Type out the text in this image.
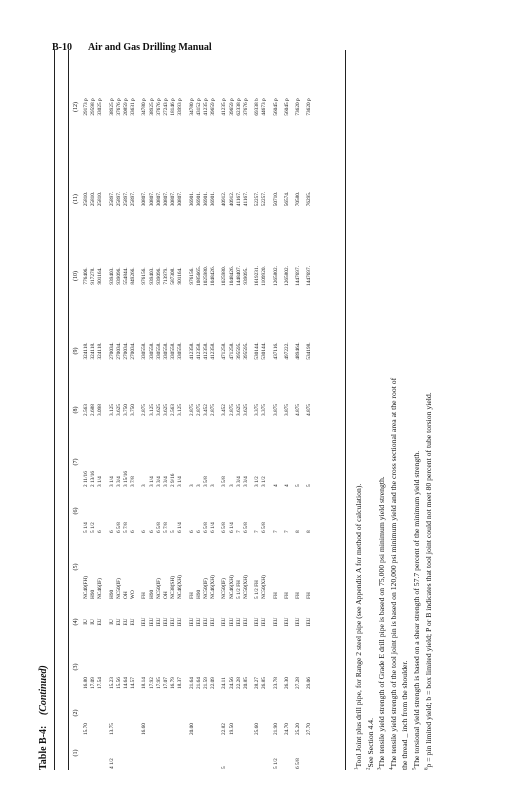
B-10 Air and Gas Drilling Manual
Table B-4: (Continued)
(1)	(2)	(3)	(4)	(5)	(6)	(7)	(8)	(9)	(10)	(11)	(12)
	15.70	16.80	IU	NC40(FH)	5 1/4	2 11/16	2.563	324118.	776406.	25810.	29173 p
		17.09	IU	H90	5 1/2	2 13/16	2.688	324118.	917278.	25810.	29598 p
		17.54	EU	NC46(IF)	6	3 1/4	3.098	324118.	901164.	25810.	33025 p
4 1/2	13.75	15.23	IU	H90	6	3 1/4	3.125	270034.	939403.	25897.	38925 p
		15.56	EU	NC50(IF)	6 5/8	3 3/4	3.625	270034.	939096.	25897.	37676 p
		14.64	EU	OH	5 7/8	3 15/16	3.750	270034.	554844.	25897.	20859 p
		14.57	EU	WO	6	3 7/8	3.750	270034.	849266.	25897.	33631 p
	16.60	18.14	IEU	FH	6	3	2.875	330558.	976156.	30807.	34780 p
		17.92	IEU	H90	6	3 1/4	3.125	330558.	939403.	30807.	38925 p
		17.95	IEU	NC50(IF)	6 5/8	3 3/4	3.625	330558.	939096.	30807.	37676 p
		17.07	IEU	OH	5 7/8	3 3/4	3.625	330558.	713979.	30807.	27243 p
		16.79	IEU	NC38(SH)	5	2 9/16	2.563	330558.	587308.	30807.	18146 p
		18.37	IEU	NC46(XH)	6 1/4	3 1/4	3.125	330558.	901164.	30807.	33993 p
	20.00	21.64	IEU	FH	6	3	2.875	412358.	976156.	36901.	34780 p
		21.64	IEU	H90	6	3	2.875	412358.	1085665.	36901.	43152 p
		21.59	IEU	NC50(IF)	6 5/8	3 5/8	3.452	412358.	1025980.	36901.	41235 p
		22.09	IEU	NC46(XH)	6 1/4	3	2.875	412358.	1048426.	36901.	39659 p
5	22.82	24.11	IEU	NC50(IF)	6 5/8	3 5/8	3.452	471258.	1025980.	40912.	41235 p
	19.50	24.56	IEU	NC46(XH)	6 1/4	3	2.875	471258.	1048426.	40912.	39659 p
		22.28	IEU	5 1/2 FH	7	3 3/4	3.625	395595.	1448407.	41167.	62338 p
		20.85	IEU	NC50(XH)	6 5/8	3 3/4	3.625	395595.	939095.	41167.	37676 p
	25.60	28.27	IEU	5 1/2 FH	7	3 1/2	3.375	530144.	1619231.	52257.	69338 b
		26.85	IEU	NC50(XH)	6 5/8	3 1/2	3.375	530144.	1109920.	52257.	44673 p
5 1/2	21.90	23.78	IEU	FH	7	4	3.875	437116.	1265802.	50710.	56045 p
	24.70	26.30	IEU	FH	7	4	3.875	497222.	1265802.	56574.	56045 p
6 5/8	25.20	27.28	IEU	FH	8	5	4.875	489464.	1447697.	70580.	73620 p
	27.70	29.06	IEU	FH	8	5	4.875	534198.	1447697.	76295.	73620 p
$^1$Tool Joint plus drill pipe, for Range 2 steel pipe (see Appendix A for method of calculation).
$^2$See Section 4.4.
$^3$The tensile yield strength of Grade E drill pipe is based on 75,000 psi minimum yield strength.
$^4$The tensile yield strength of the tool joint pin is based on 120,000 psi minimum yield and the cross sectional area at the root of the thread _ inch from the shoulder. $^5$The torsional yield strength is based on a shear strength of 57.7 percent of the minimum yield strength.
$^6$p = pin limited yield; b = box limited yield; P or B indicates that tool joint could not meet 80 percent of tube torsion yield.
